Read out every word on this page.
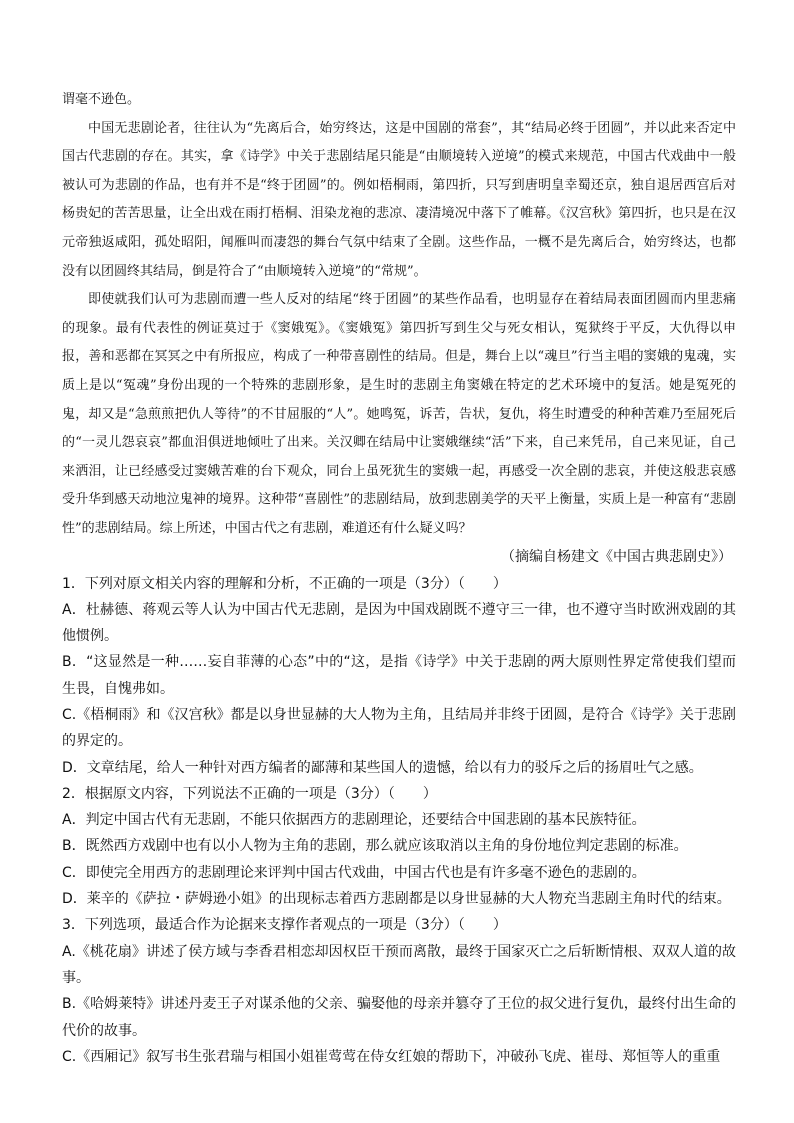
谓毫不逊色。

中国无悲剧论者，往往认为“先离后合，始穷终达，这是中国剧的常套”，其“结局必终于团圆”，并以此来否定中国古代悲剧的存在。其实，拿《诗学》中关于悲剧结尾只能是“由顺境转入逆境”的模式来规范，中国古代戏曲中一般被认可为悲剧的作品，也有并不是“终于团圆”的。例如梧桐雨，第四折，只写到唐明皇幸蜀还京，独自退居西宫后对杨贵妃的苦苦思量，让全出戏在雨打梧桐、泪染龙袍的悲凉、凄清境况中落下了帷幕。《汉宫秋》第四折，也只是在汉元帝独返咸阳，孤处昭阳，闻雁叫而凄怨的舞台气氛中结束了全剧。这些作品，一概不是先离后合，始穷终达，也都没有以团圆终其结局，倒是符合了“由顺境转入逆境”的“常规”。

即使就我们认可为悲剧而遭一些人反对的结尾“终于团圆”的某些作品看，也明显存在着结局表面团圆而内里悲痛的现象。最有代表性的例证莫过于《窦娥冤》。《窦娥冤》第四折写到生父与死女相认，冤狱终于平反，大仇得以申报，善和恶都在冥冥之中有所报应，构成了一种带喜剧性的结局。但是，舞台上以“魂旦”行当主唱的窦娥的鬼魂，实质上是以“冤魂”身份出现的一个特殊的悲剧形象，是生时的悲剧主角窦娥在特定的艺术环境中的复活。她是冤死的鬼，却又是“急煎煎把仇人等待”的不甘屈服的“人”。她鸣冤，诉苦，告状，复仇，将生时遭受的种种苦难乃至屈死后的“一灵儿怨哀哀”都血泪俱迸地倾吐了出来。关汉卿在结局中让窦娥继续“活”下来，自己来凭吊，自己来见证，自己来洒泪，让已经感受过窦娥苦难的台下观众，同台上虽死犹生的窦娥一起，再感受一次全剧的悲哀，并使这般悲哀感受升华到感天动地泣鬼神的境界。这种带“喜剧性”的悲剧结局，放到悲剧美学的天平上衡量，实质上是一种富有“悲剧性”的悲剧结局。综上所述，中国古代之有悲剧，难道还有什么疑义吗？

（摘编自杨建文《中国古典悲剧史》）

1．下列对原文相关内容的理解和分析，不正确的一项是（3分）（　　）

A．杜赫德、蒋观云等人认为中国古代无悲剧，是因为中国戏剧既不遵守三一律，也不遵守当时欧洲戏剧的其他惯例。

B．“这显然是一种……妄自菲薄的心态”中的“这，是指《诗学》中关于悲剧的两大原则性界定常使我们望而生畏，自愧弗如。

C.《梧桐雨》和《汉宫秋》都是以身世显赫的大人物为主角，且结局并非终于团圆，是符合《诗学》关于悲剧的界定的。

D．文章结尾，给人一种针对西方编者的鄙薄和某些国人的遗憾，给以有力的驳斥之后的扬眉吐气之感。

2．根据原文内容，下列说法不正确的一项是（3分）（　　）

A．判定中国古代有无悲剧，不能只依据西方的悲剧理论，还要结合中国悲剧的基本民族特征。

B．既然西方戏剧中也有以小人物为主角的悲剧，那么就应该取消以主角的身份地位判定悲剧的标准。

C．即使完全用西方的悲剧理论来评判中国古代戏曲，中国古代也是有许多毫不逊色的悲剧的。

D．莱辛的《萨拉・萨姆逊小姐》的出现标志着西方悲剧都是以身世显赫的大人物充当悲剧主角时代的结束。

3．下列选项，最适合作为论据来支撑作者观点的一项是（3分）（　　）

A.《桃花扇》讲述了侯方域与李香君相恋却因权臣干预而离散，最终于国家灭亡之后斩断情根、双双人道的故事。

B.《哈姆莱特》讲述丹麦王子对谋杀他的父亲、骗娶他的母亲并篡夺了王位的叔父进行复仇，最终付出生命的代价的故事。

C.《西厢记》叙写书生张君瑞与相国小姐崔莺莺在侍女红娘的帮助下，冲破孙飞虎、崔母、郑恒等人的重重
